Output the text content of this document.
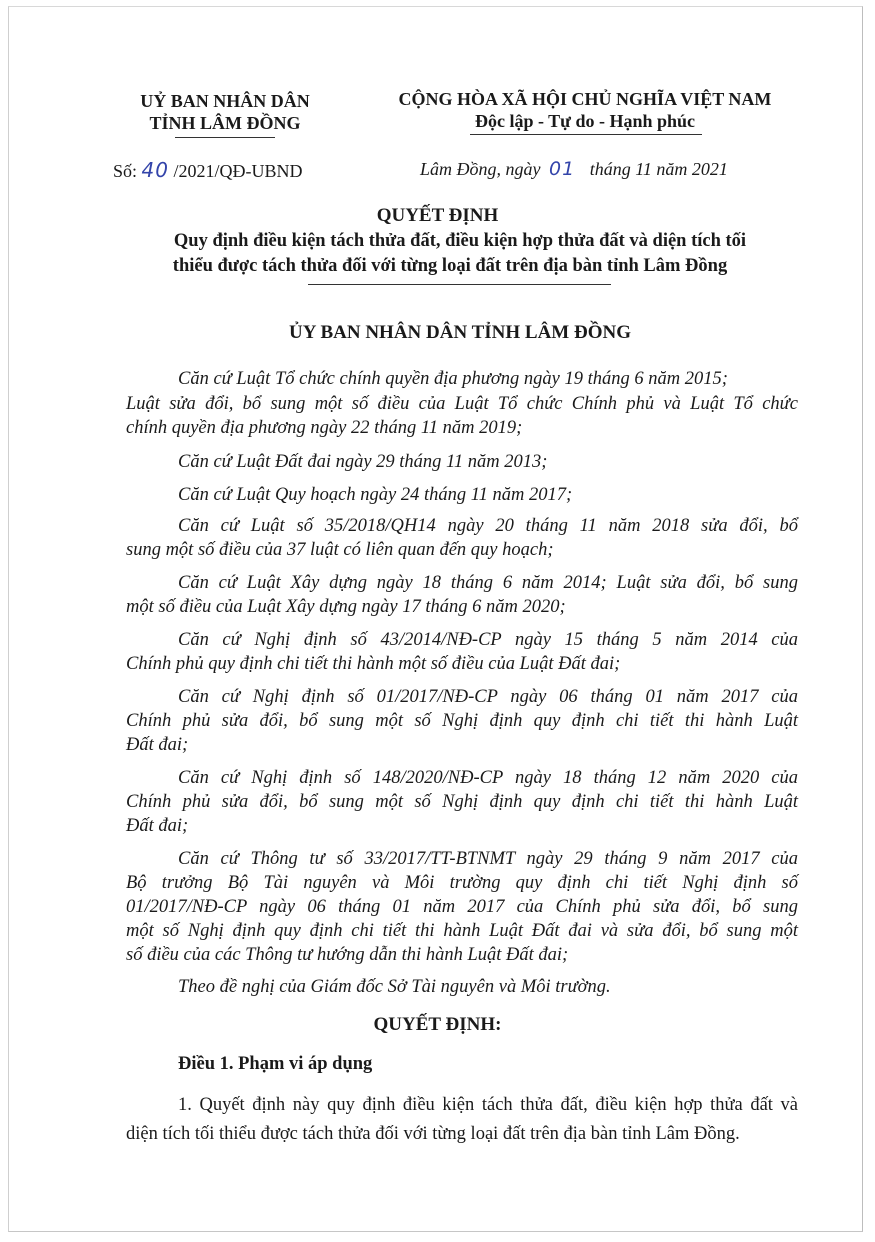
UỶ BAN NHÂN DÂN
TỈNH LÂM ĐỒNG
CỘNG HÒA XÃ HỘI CHỦ NGHĨA VIỆT NAM
Độc lập - Tự do - Hạnh phúc
Số: 40 /2021/QĐ-UBND	Lâm Đồng, ngày 01 tháng 11 năm 2021
QUYẾT ĐỊNH
Quy định điều kiện tách thửa đất, điều kiện hợp thửa đất và diện tích tối
thiểu được tách thửa đối với từng loại đất trên địa bàn tỉnh Lâm Đồng
ỦY BAN NHÂN DÂN TỈNH LÂM ĐỒNG
Căn cứ Luật Tổ chức chính quyền địa phương ngày 19 tháng 6 năm 2015;
Luật sửa đổi, bổ sung một số điều của Luật Tổ chức Chính phủ và Luật Tổ chức
chính quyền địa phương ngày 22 tháng 11 năm 2019;
Căn cứ Luật Đất đai ngày 29 tháng 11 năm 2013;
Căn cứ Luật Quy hoạch ngày 24 tháng 11 năm 2017;
Căn cứ Luật số 35/2018/QH14 ngày 20 tháng 11 năm 2018 sửa đổi, bổ
sung một số điều của 37 luật có liên quan đến quy hoạch;
Căn cứ Luật Xây dựng ngày 18 tháng 6 năm 2014; Luật sửa đổi, bổ sung
một số điều của Luật Xây dựng ngày 17 tháng 6 năm 2020;
Căn cứ Nghị định số 43/2014/NĐ-CP ngày 15 tháng 5 năm 2014 của
Chính phủ quy định chi tiết thi hành một số điều của Luật Đất đai;
Căn cứ Nghị định số 01/2017/NĐ-CP ngày 06 tháng 01 năm 2017 của
Chính phủ sửa đổi, bổ sung một số Nghị định quy định chi tiết thi hành Luật
Đất đai;
Căn cứ Nghị định số 148/2020/NĐ-CP ngày 18 tháng 12 năm 2020 của
Chính phủ sửa đổi, bổ sung một số Nghị định quy định chi tiết thi hành Luật
Đất đai;
Căn cứ Thông tư số 33/2017/TT-BTNMT ngày 29 tháng 9 năm 2017 của
Bộ trưởng Bộ Tài nguyên và Môi trường quy định chi tiết Nghị định số
01/2017/NĐ-CP ngày 06 tháng 01 năm 2017 của Chính phủ sửa đổi, bổ sung
một số Nghị định quy định chi tiết thi hành Luật Đất đai và sửa đổi, bổ sung một
số điều của các Thông tư hướng dẫn thi hành Luật Đất đai;
Theo đề nghị của Giám đốc Sở Tài nguyên và Môi trường.
QUYẾT ĐỊNH:
Điều 1. Phạm vi áp dụng
1. Quyết định này quy định điều kiện tách thửa đất, điều kiện hợp thửa đất và
diện tích tối thiểu được tách thửa đối với từng loại đất trên địa bàn tỉnh Lâm Đồng.
